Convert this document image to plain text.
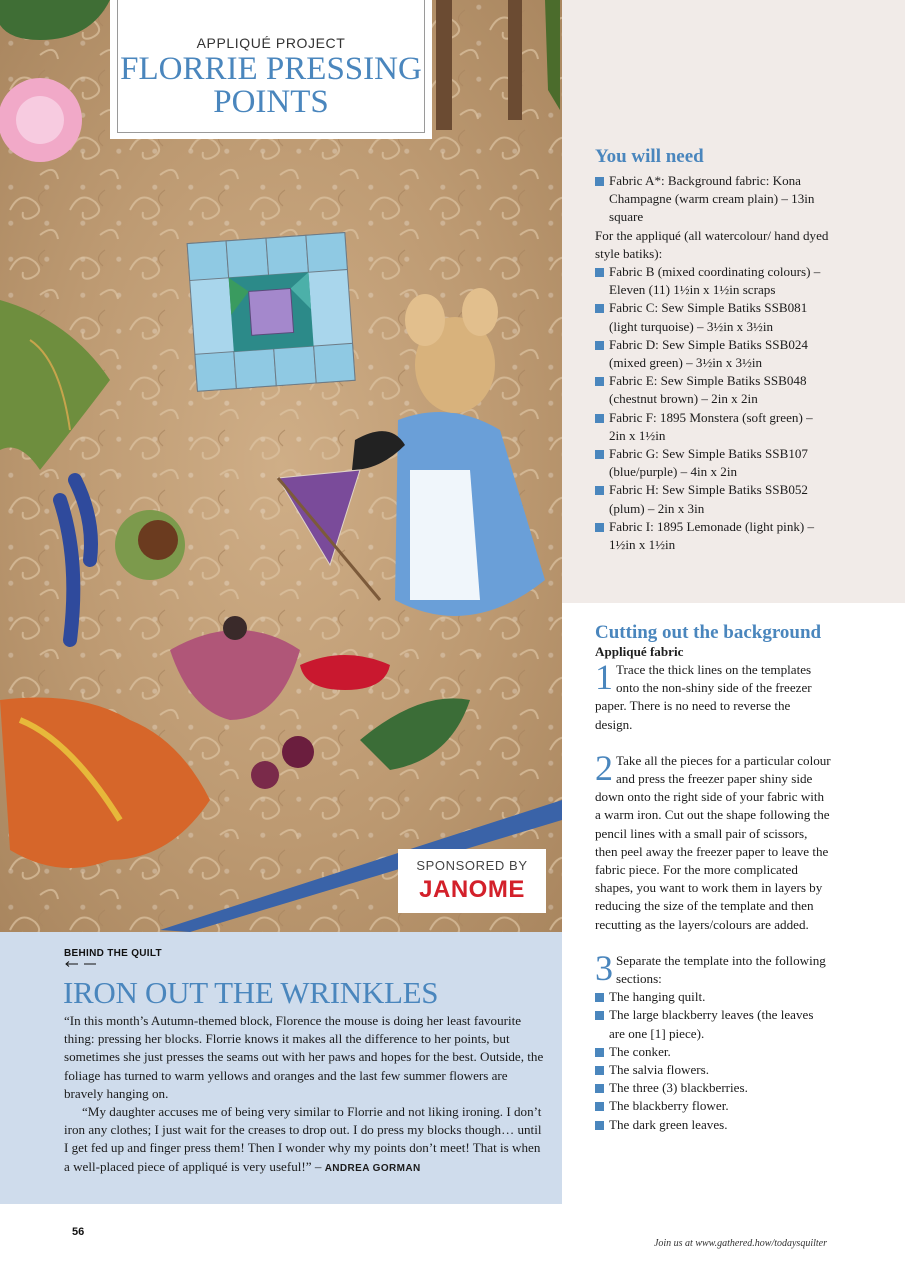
APPLIQUÉ PROJECT
FLORRIE PRESSING
POINTS
SPONSORED BY
JANOME
BEHIND THE QUILT
IRON OUT THE WRINKLES

“In this month’s Autumn-themed block, Florence the mouse is doing her least favourite thing: pressing her blocks. Florrie knows it makes all the difference to her points, but sometimes she just presses the seams out with her paws and hopes for the best. Outside, the foliage has turned to warm yellows and oranges and the last few summer flowers are bravely hanging on.

“My daughter accuses me of being very similar to Florrie and not liking ironing. I don’t iron any clothes; I just wait for the creases to drop out. I do press my blocks though… until I get fed up and finger press them! Then I wonder why my points don’t meet! That is when a well-placed piece of appliqué is very useful!” – ANDREA GORMAN

You will need
Fabric A*: Background fabric: Kona Champagne (warm cream plain) – 13in square
For the appliqué (all watercolour/ hand dyed style batiks):
Fabric B (mixed coordinating colours) – Eleven (11) 1½in x 1½in scraps
Fabric C: Sew Simple Batiks SSB081 (light turquoise) – 3½in x 3½in
Fabric D: Sew Simple Batiks SSB024 (mixed green) – 3½in x 3½in
Fabric E: Sew Simple Batiks SSB048 (chestnut brown) – 2in x 2in
Fabric F: 1895 Monstera (soft green) – 2in x 1½in
Fabric G: Sew Simple Batiks SSB107 (blue/purple) – 4in x 2in
Fabric H: Sew Simple Batiks SSB052 (plum) – 2in x 3in
Fabric I: 1895 Lemonade (light pink) – 1½in x 1½in
Cutting out the background
Appliqué fabric
1 Trace the thick lines on the templates onto the non-shiny side of the freezer paper. There is no need to reverse the design.
2 Take all the pieces for a particular colour and press the freezer paper shiny side down onto the right side of your fabric with a warm iron. Cut out the shape following the pencil lines with a small pair of scissors, then peel away the freezer paper to leave the fabric piece. For the more complicated shapes, you want to work them in layers by reducing the size of the template and then recutting as the layers/colours are added.
3 Separate the template into the following sections:
The hanging quilt.
The large blackberry leaves (the leaves are one [1] piece).
The conker.
The salvia flowers.
The three (3) blackberries.
The blackberry flower.
The dark green leaves.
56
Join us at www.gathered.how/todaysquilter
